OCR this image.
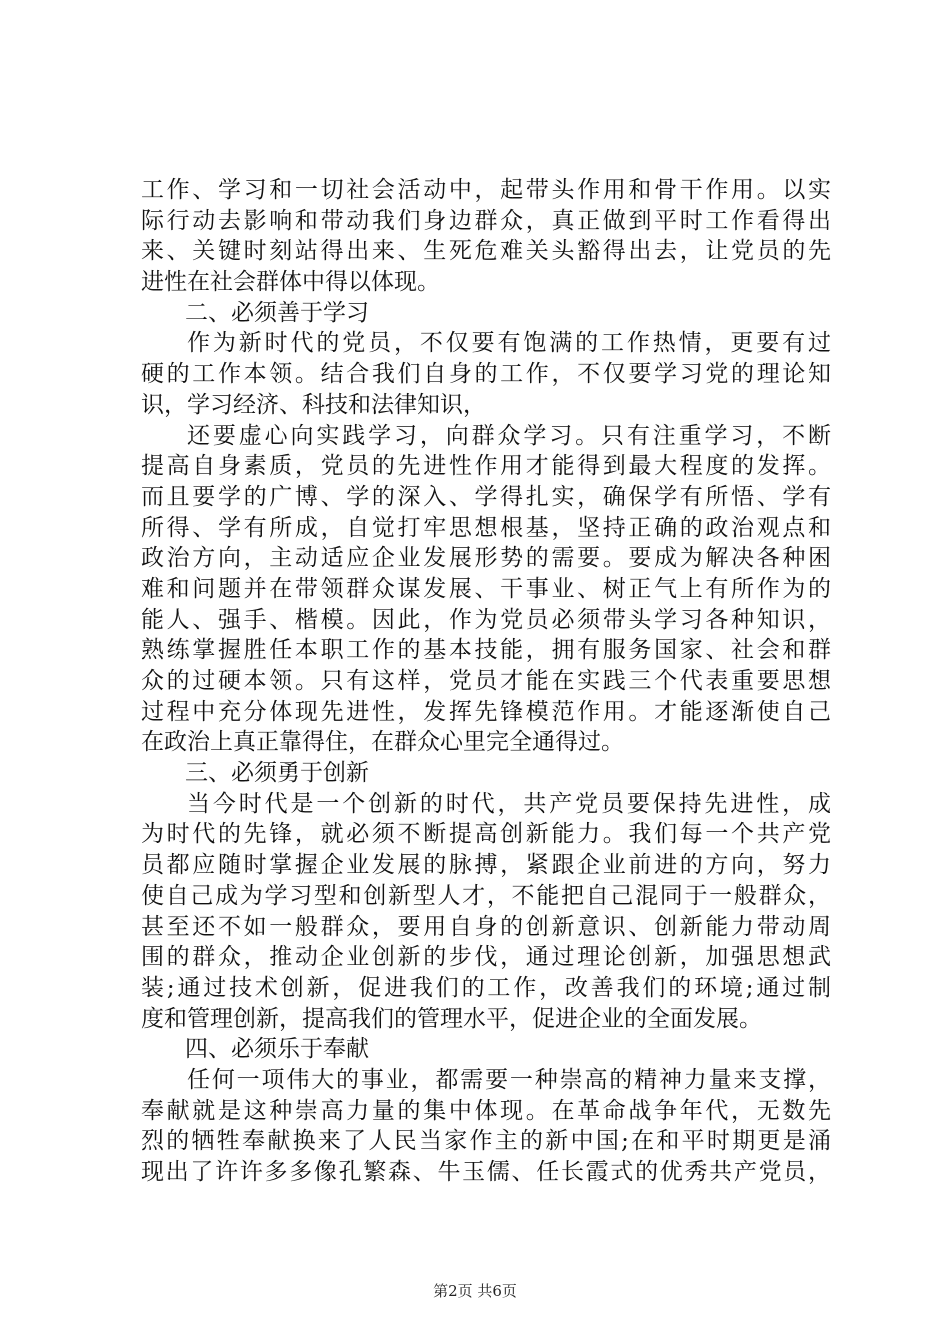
工作、学习和一切社会活动中，起带头作用和骨干作用。以实
际行动去影响和带动我们身边群众，真正做到平时工作看得出
来、关键时刻站得出来、生死危难关头豁得出去，让党员的先
进性在社会群体中得以体现。
二、必须善于学习
作为新时代的党员，不仅要有饱满的工作热情，更要有过
硬的工作本领。结合我们自身的工作，不仅要学习党的理论知
识，学习经济、科技和法律知识，
还要虚心向实践学习，向群众学习。只有注重学习，不断
提高自身素质，党员的先进性作用才能得到最大程度的发挥。
而且要学的广博、学的深入、学得扎实，确保学有所悟、学有
所得、学有所成，自觉打牢思想根基，坚持正确的政治观点和
政治方向，主动适应企业发展形势的需要。要成为解决各种困
难和问题并在带领群众谋发展、干事业、树正气上有所作为的
能人、强手、楷模。因此，作为党员必须带头学习各种知识，
熟练掌握胜任本职工作的基本技能，拥有服务国家、社会和群
众的过硬本领。只有这样，党员才能在实践三个代表重要思想
过程中充分体现先进性，发挥先锋模范作用。才能逐渐使自己
在政治上真正靠得住，在群众心里完全通得过。
三、必须勇于创新
当今时代是一个创新的时代，共产党员要保持先进性，成
为时代的先锋，就必须不断提高创新能力。我们每一个共产党
员都应随时掌握企业发展的脉搏，紧跟企业前进的方向，努力
使自己成为学习型和创新型人才，不能把自己混同于一般群众，
甚至还不如一般群众，要用自身的创新意识、创新能力带动周
围的群众，推动企业创新的步伐，通过理论创新，加强思想武
装;通过技术创新，促进我们的工作，改善我们的环境;通过制
度和管理创新，提高我们的管理水平，促进企业的全面发展。
四、必须乐于奉献
任何一项伟大的事业，都需要一种崇高的精神力量来支撑，
奉献就是这种崇高力量的集中体现。在革命战争年代，无数先
烈的牺牲奉献换来了人民当家作主的新中国;在和平时期更是涌
现出了许许多多像孔繁森、牛玉儒、任长霞式的优秀共产党员，
第2页 共6页
